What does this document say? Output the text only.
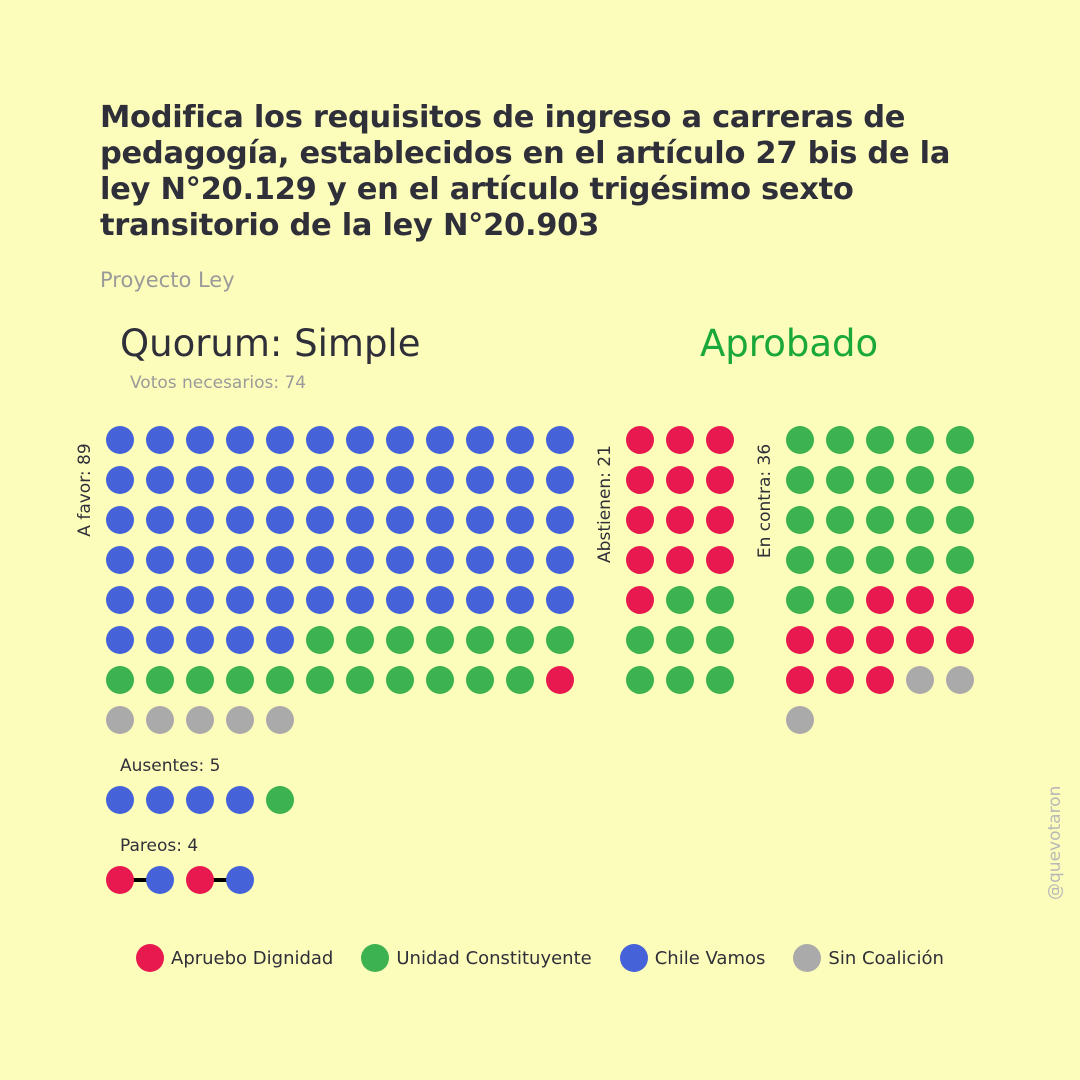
Modifica los requisitos de ingreso a carreras de pedagogía, establecidos en el artículo 27 bis de la ley N°20.129 y en el artículo trigésimo sexto transitorio de la ley N°20.903
Proyecto Ley
Quorum: Simple	Aprobado
Votos necesarios: 74
A favor: 89	Abstienen: 21	En contra: 36
Ausentes: 5
Pareos: 4
Apruebo Dignidad	Unidad Constituyente	Chile Vamos	Sin Coalición
@quevotaron
